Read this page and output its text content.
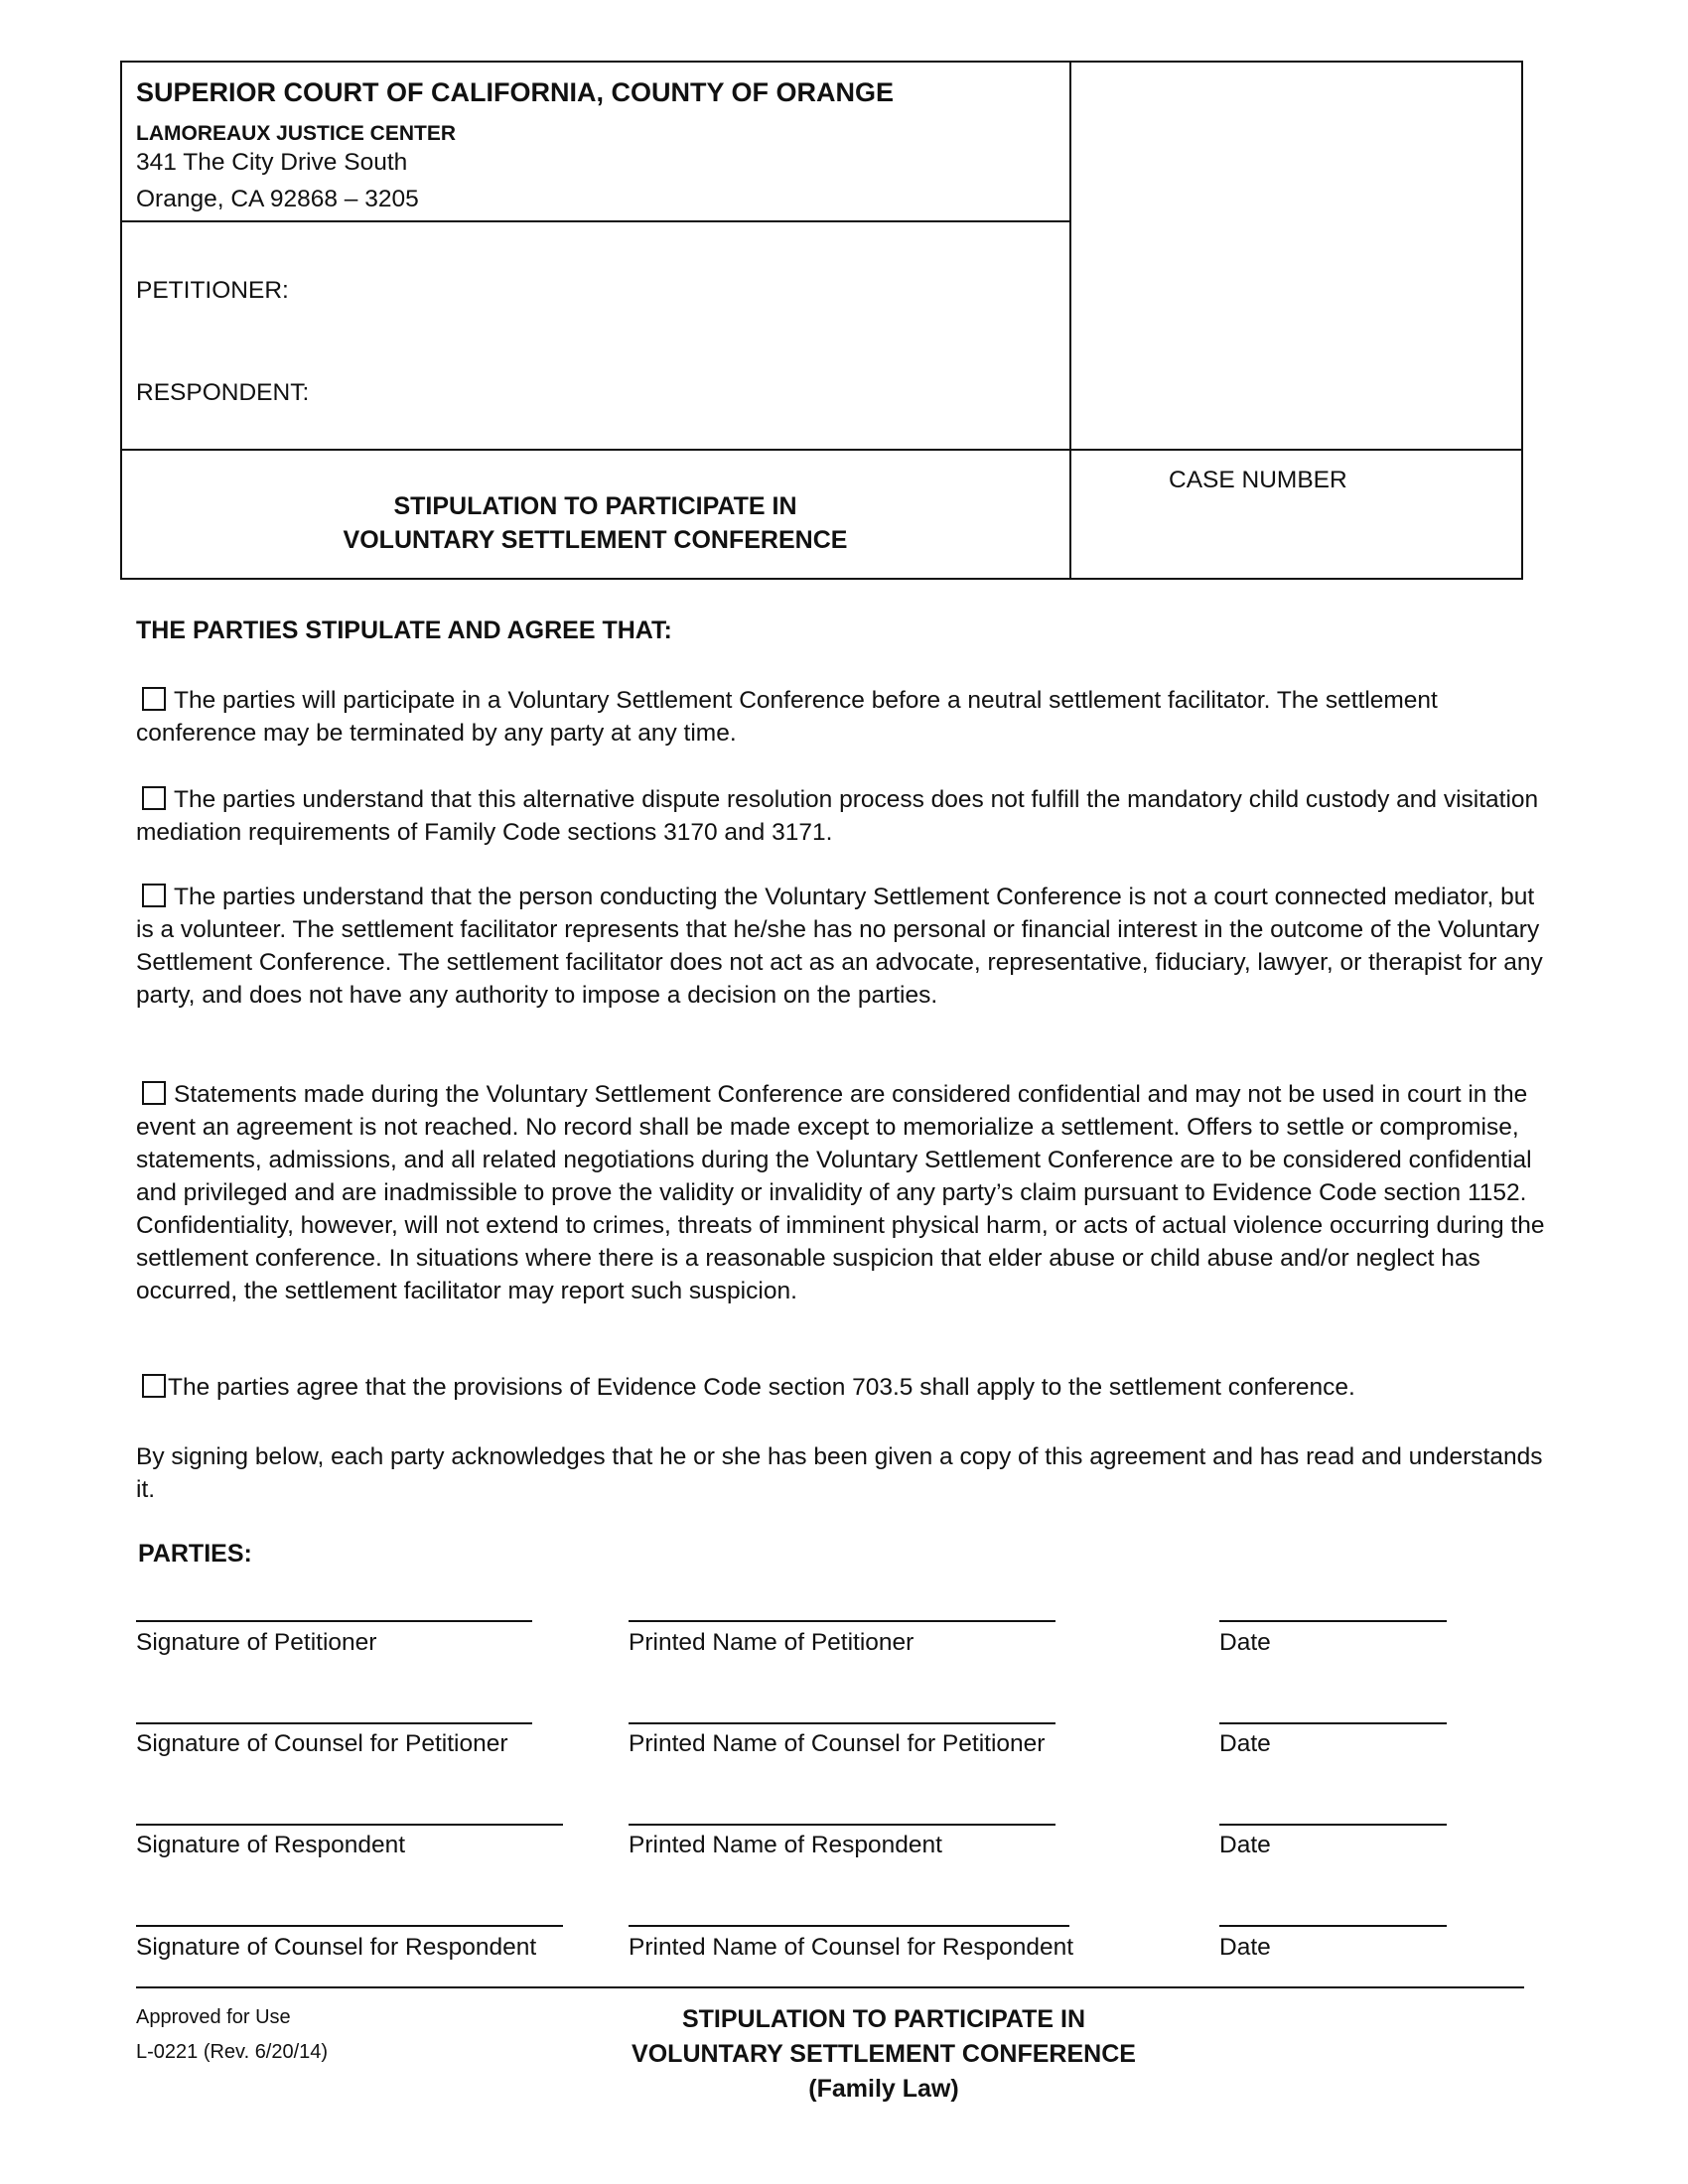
SUPERIOR COURT OF CALIFORNIA, COUNTY OF ORANGE
LAMOREAUX JUSTICE CENTER
341 The City Drive South
Orange, CA 92868 – 3205
PETITIONER:
RESPONDENT:
STIPULATION TO PARTICIPATE IN
VOLUNTARY SETTLEMENT CONFERENCE
CASE NUMBER
THE PARTIES STIPULATE AND AGREE THAT:
The parties will participate in a Voluntary Settlement Conference before a neutral settlement facilitator. The settlement conference may be terminated by any party at any time.
The parties understand that this alternative dispute resolution process does not fulfill the mandatory child custody and visitation mediation requirements of Family Code sections 3170 and 3171.
The parties understand that the person conducting the Voluntary Settlement Conference is not a court connected mediator, but is a volunteer. The settlement facilitator represents that he/she has no personal or financial interest in the outcome of the Voluntary Settlement Conference. The settlement facilitator does not act as an advocate, representative, fiduciary, lawyer, or therapist for any party, and does not have any authority to impose a decision on the parties.
Statements made during the Voluntary Settlement Conference are considered confidential and may not be used in court in the event an agreement is not reached. No record shall be made except to memorialize a settlement. Offers to settle or compromise, statements, admissions, and all related negotiations during the Voluntary Settlement Conference are to be considered confidential and privileged and are inadmissible to prove the validity or invalidity of any party’s claim pursuant to Evidence Code section 1152. Confidentiality, however, will not extend to crimes, threats of imminent physical harm, or acts of actual violence occurring during the settlement conference. In situations where there is a reasonable suspicion that elder abuse or child abuse and/or neglect has occurred, the settlement facilitator may report such suspicion.
The parties agree that the provisions of Evidence Code section 703.5 shall apply to the settlement conference.
By signing below, each party acknowledges that he or she has been given a copy of this agreement and has read and understands it.
PARTIES:
Signature of Petitioner	Printed Name of Petitioner	Date
Signature of Counsel for Petitioner	Printed Name of Counsel for Petitioner	Date
Signature of Respondent	Printed Name of Respondent	Date
Signature of Counsel for Respondent	Printed Name of Counsel for Respondent	Date
Approved for Use
L-0221 (Rev. 6/20/14)
STIPULATION TO PARTICIPATE IN
VOLUNTARY SETTLEMENT CONFERENCE
(Family Law)
